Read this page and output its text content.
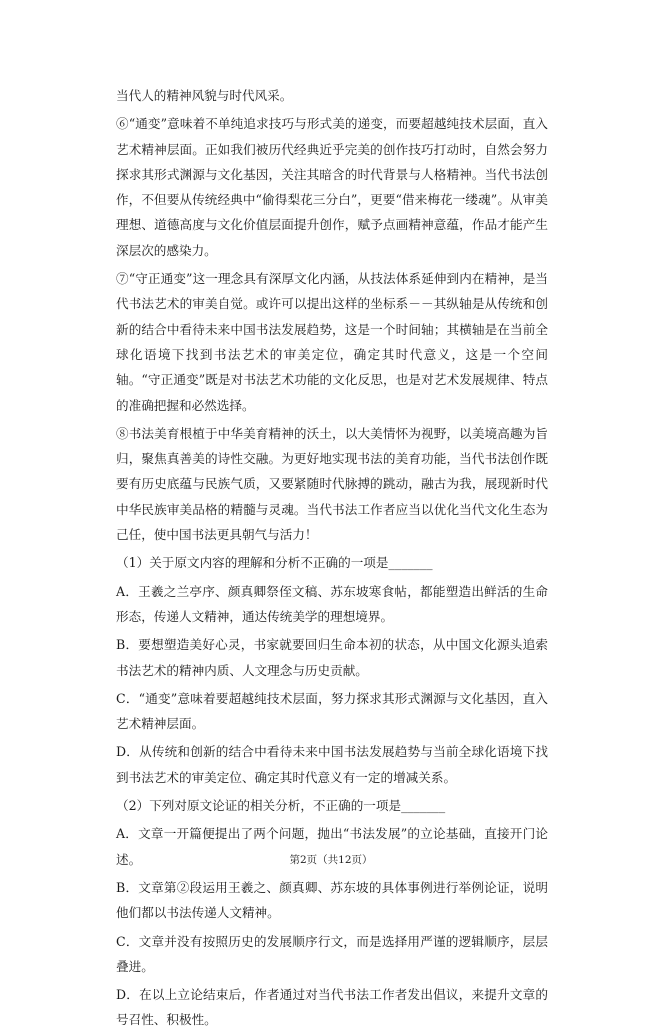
当代人的精神风貌与时代风采。

⑥“通变”意味着不单纯追求技巧与形式美的递变，而要超越纯技术层面，直入艺术精神层面。正如我们被历代经典近乎完美的创作技巧打动时，自然会努力探求其形式渊源与文化基因，关注其暗含的时代背景与人格精神。当代书法创作，不但要从传统经典中“偷得梨花三分白”，更要“借来梅花一缕魂”。从审美理想、道德高度与文化价值层面提升创作，赋予点画精神意蕴，作品才能产生深层次的感染力。

⑦“守正通变”这一理念具有深厚文化内涵，从技法体系延伸到内在精神，是当代书法艺术的审美自觉。或许可以提出这样的坐标系－－其纵轴是从传统和创新的结合中看待未来中国书法发展趋势，这是一个时间轴；其横轴是在当前全球化语境下找到书法艺术的审美定位，确定其时代意义，这是一个空间轴。“守正通变”既是对书法艺术功能的文化反思，也是对艺术发展规律、特点的准确把握和必然选择。

⑧书法美育根植于中华美育精神的沃土，以大美情怀为视野，以美境高趣为旨归，聚焦真善美的诗性交融。为更好地实现书法的美育功能，当代书法创作既要有历史底蕴与民族气质，又要紧随时代脉搏的跳动，融古为我，展现新时代中华民族审美品格的精髓与灵魂。当代书法工作者应当以优化当代文化生态为己任，使中国书法更具朝气与活力！

（1）关于原文内容的理解和分析不正确的一项是_______

A．王羲之兰亭序、颜真卿祭侄文稿、苏东坡寒食帖，都能塑造出鲜活的生命形态，传递人文精神，通达传统美学的理想境界。

B．要想塑造美好心灵，书家就要回归生命本初的状态，从中国文化源头追索书法艺术的精神内质、人文理念与历史贡献。

C．“通变”意味着要超越纯技术层面，努力探求其形式渊源与文化基因，直入艺术精神层面。

D．从传统和创新的结合中看待未来中国书法发展趋势与当前全球化语境下找到书法艺术的审美定位、确定其时代意义有一定的增减关系。

（2）下列对原文论证的相关分析，不正确的一项是_______

A．文章一开篇便提出了两个问题，抛出“书法发展”的立论基础，直接开门论述。

B．文章第②段运用王羲之、颜真卿、苏东坡的具体事例进行举例论证，说明他们都以书法传递人文精神。

C．文章并没有按照历史的发展顺序行文，而是选择用严谨的逻辑顺序，层层叠进。

D．在以上立论结束后，作者通过对当代书法工作者发出倡议，来提升文章的号召性、积极性。

第2页（共12页）
